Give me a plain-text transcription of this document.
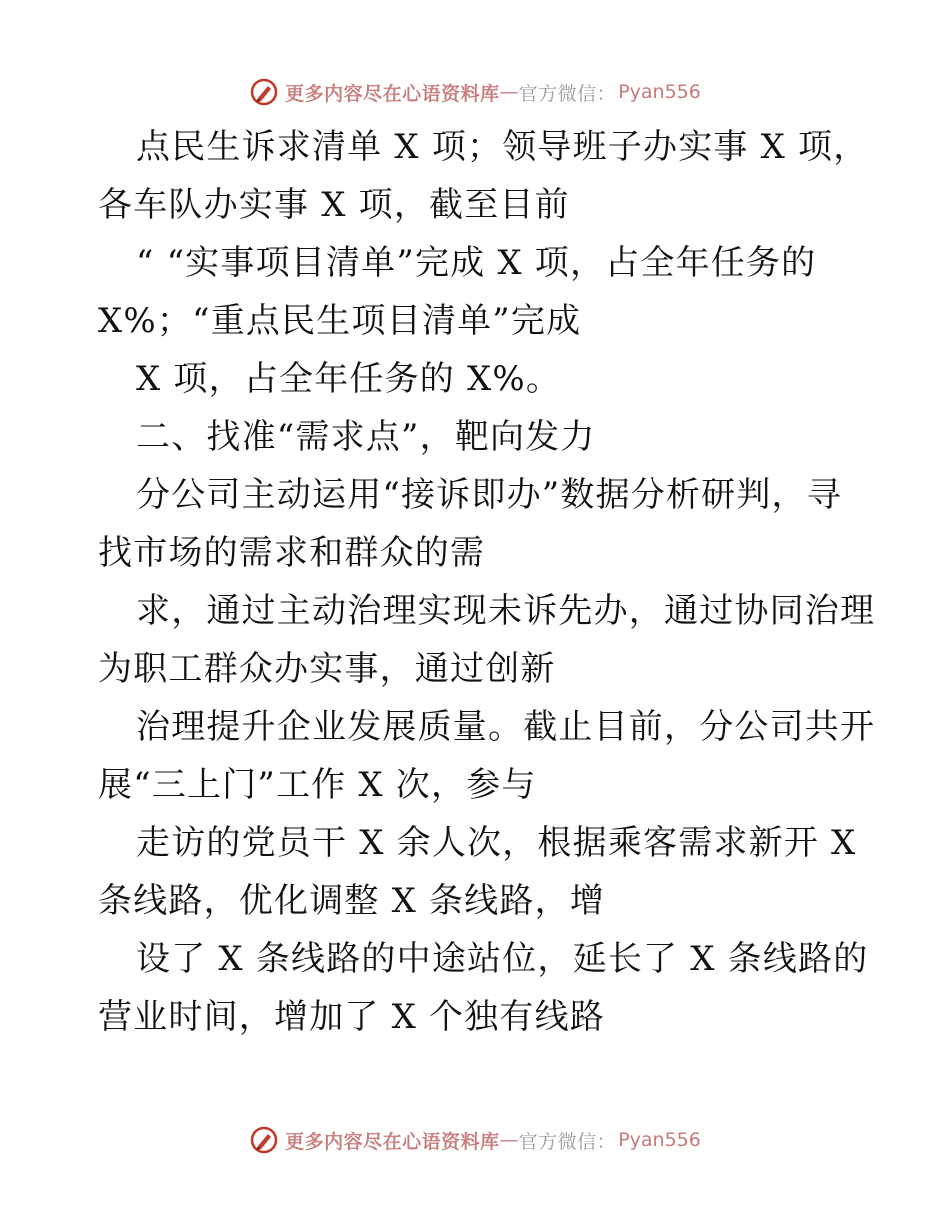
更多内容尽在心语资料库 — 官方微信： Pyan556
点民生诉求清单 X 项；领导班子办实事 X 项，
各车队办实事 X 项，截至目前
“ “实事项目清单”完成 X 项，占全年任务的
X%；“重点民生项目清单”完成
X 项，占全年任务的 X%。
二、找准“需求点”，靶向发力
分公司主动运用“接诉即办”数据分析研判，寻
找市场的需求和群众的需
求，通过主动治理实现未诉先办，通过协同治理
为职工群众办实事，通过创新
治理提升企业发展质量。截止目前，分公司共开
展“三上门”工作 X 次，参与
走访的党员干 X 余人次，根据乘客需求新开 X
条线路，优化调整 X 条线路，增
设了 X 条线路的中途站位，延长了 X 条线路的
营业时间，增加了 X 个独有线路
更多内容尽在心语资料库 — 官方微信： Pyan556
